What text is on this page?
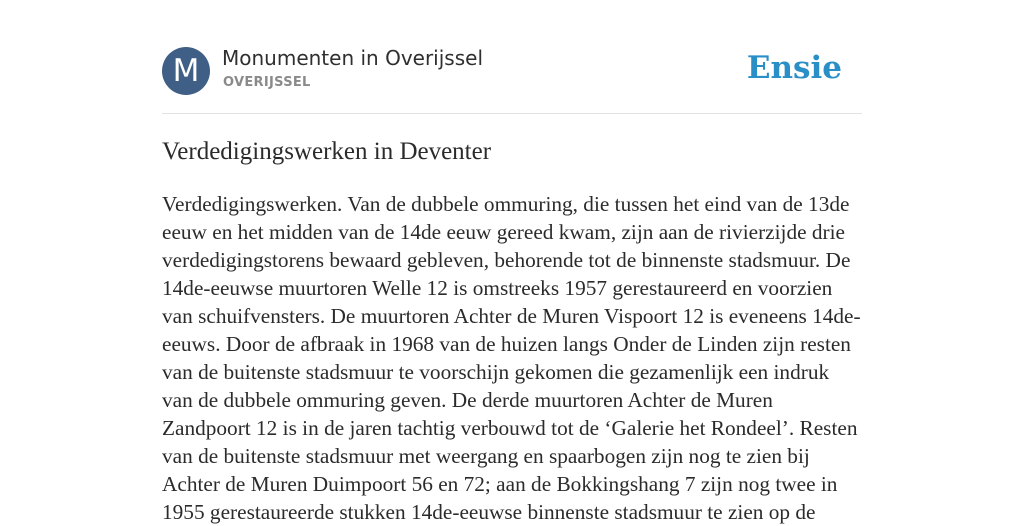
M	Monumenten in Overijssel
OVERIJSSEL	Ensie
Verdedigingswerken in Deventer
Verdedigingswerken. Van de dubbele ommuring, die tussen het eind van de 13de
eeuw en het midden van de 14de eeuw gereed kwam, zijn aan de rivierzijde drie
verdedigingstorens bewaard gebleven, behorende tot de binnenste stadsmuur. De
14de-eeuwse muurtoren Welle 12 is omstreeks 1957 gerestaureerd en voorzien
van schuifvensters. De muurtoren Achter de Muren Vispoort 12 is eveneens 14de-
eeuws. Door de afbraak in 1968 van de huizen langs Onder de Linden zijn resten
van de buitenste stadsmuur te voorschijn gekomen die gezamenlijk een indruk
van de dubbele ommuring geven. De derde muurtoren Achter de Muren
Zandpoort 12 is in de jaren tachtig verbouwd tot de ‘Galerie het Rondeel’. Resten
van de buitenste stadsmuur met weergang en spaarbogen zijn nog te zien bij
Achter de Muren Duimpoort 56 en 72; aan de Bokkingshang 7 zijn nog twee in
1955 gerestaureerde stukken 14de-eeuwse binnenste stadsmuur te zien op de
